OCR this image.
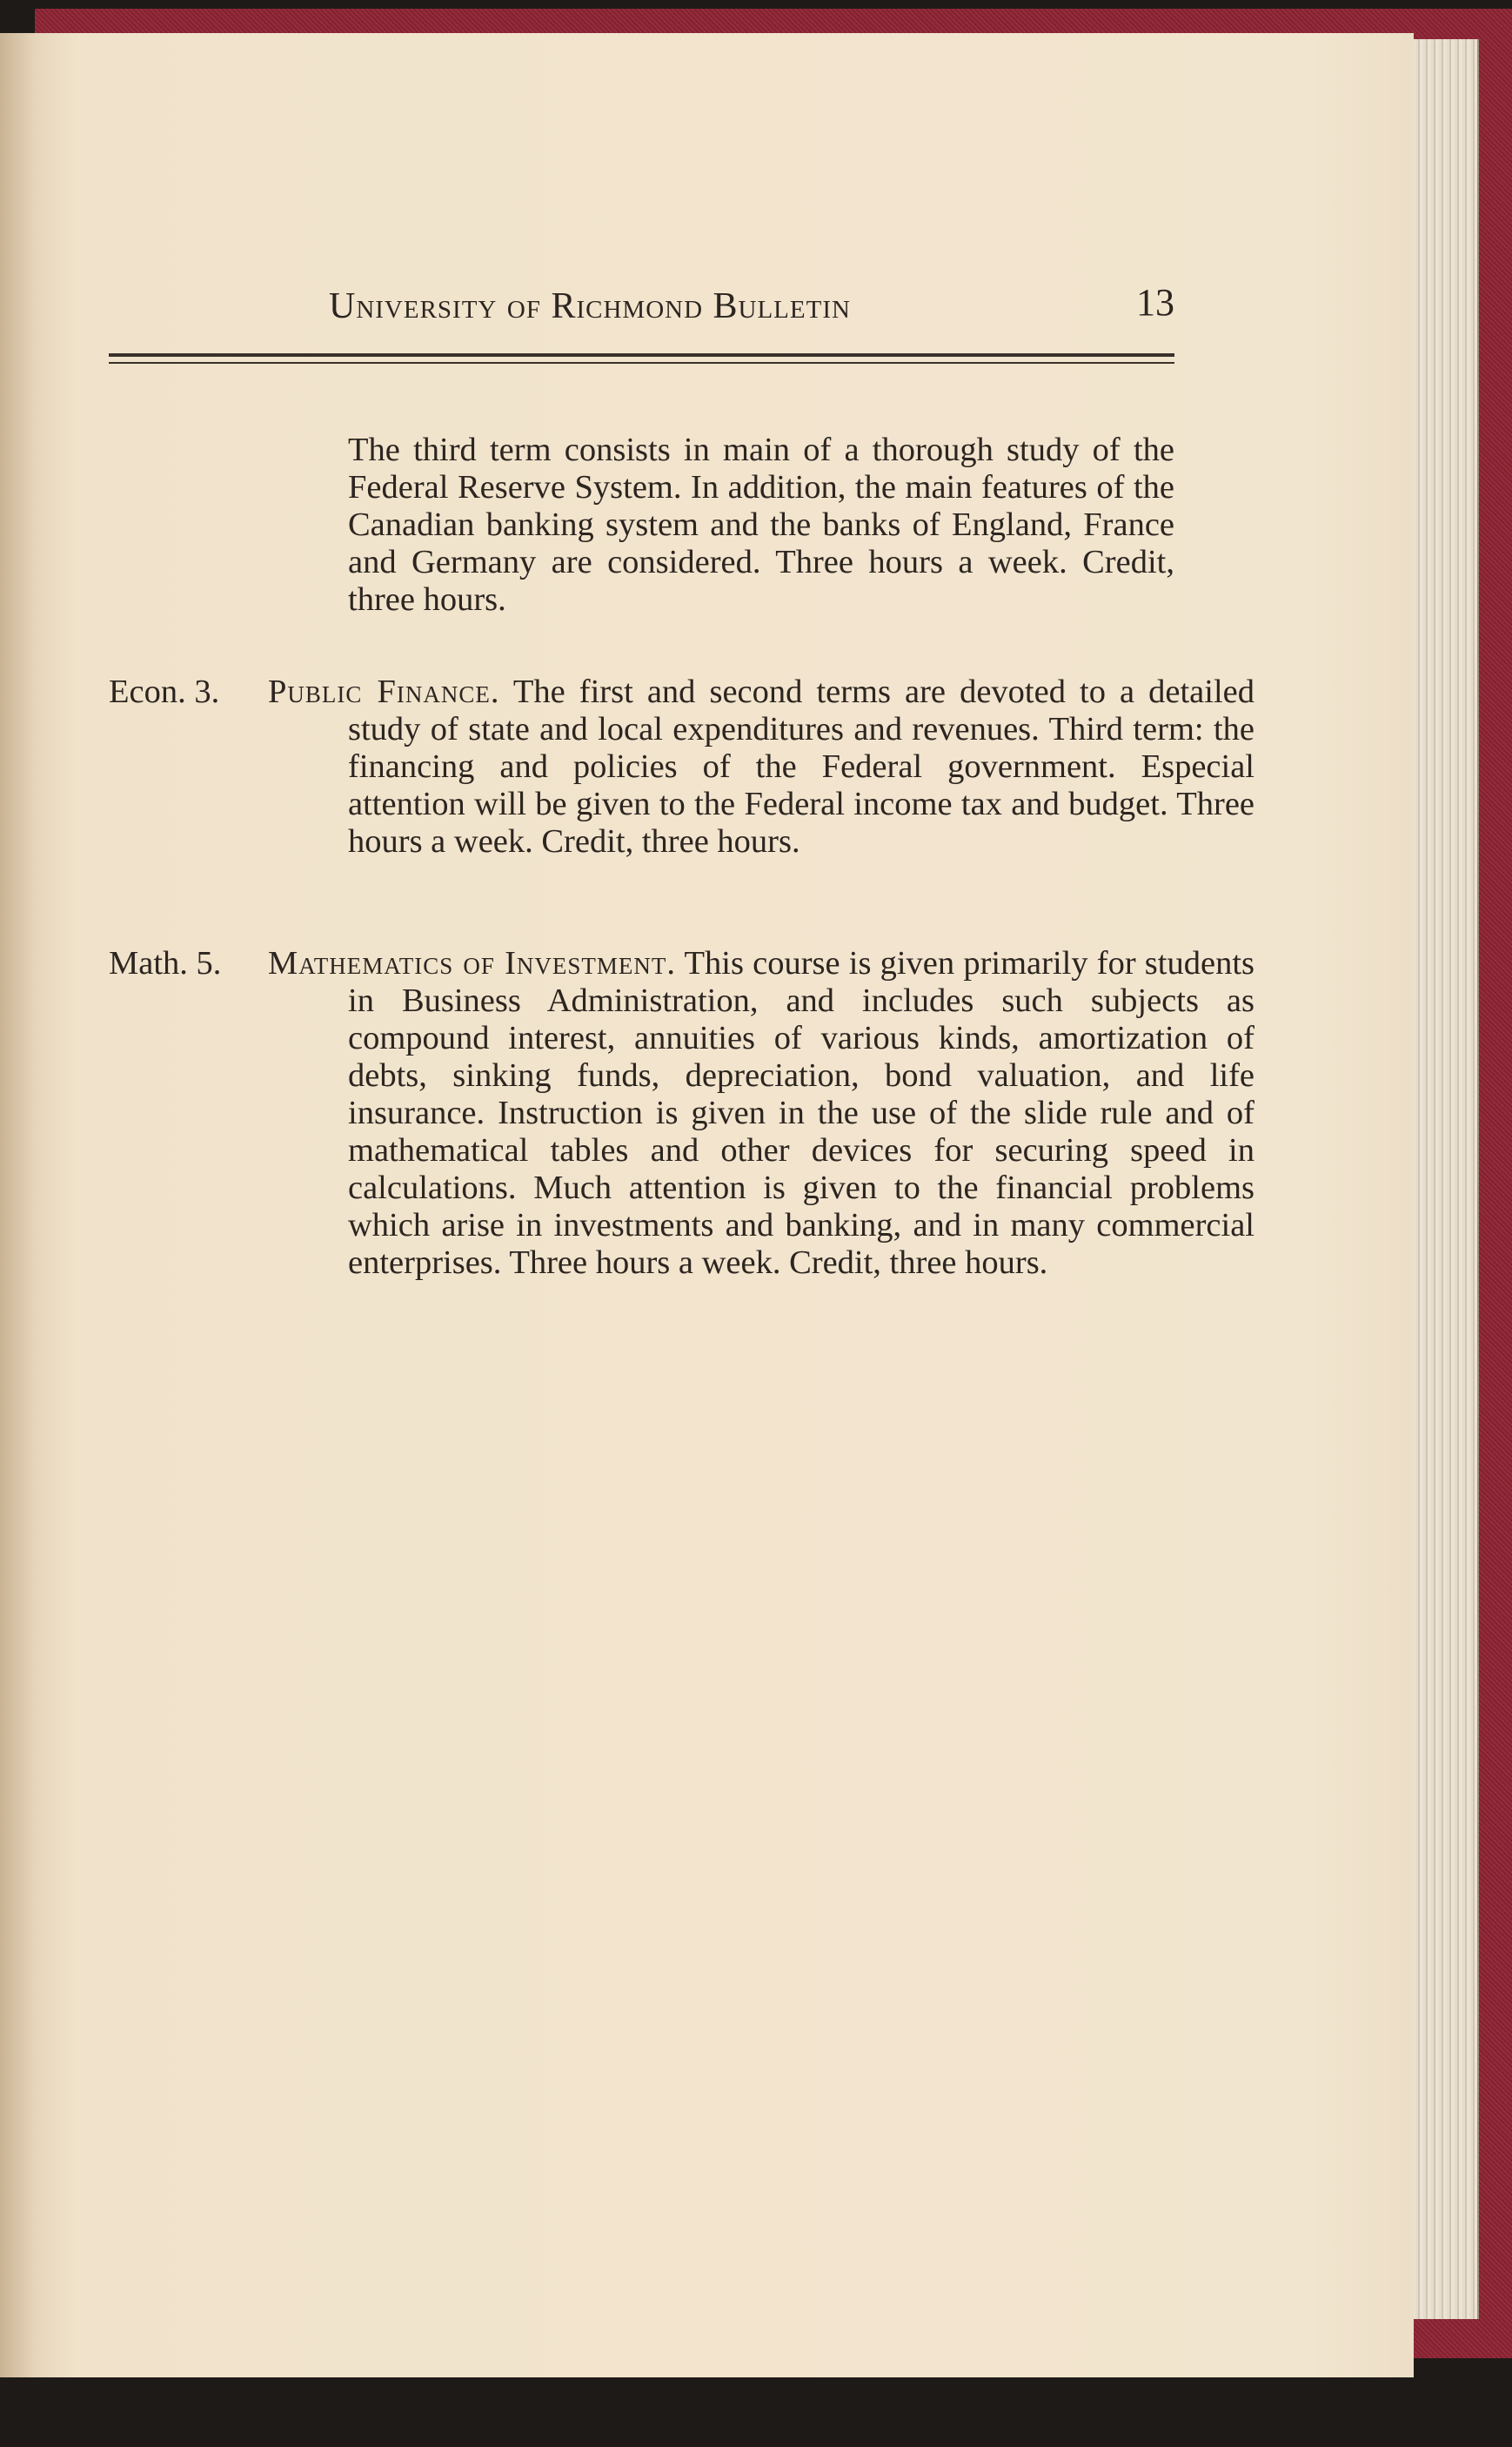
University of Richmond Bulletin	13
The third term consists in main of a thorough study of the Federal Reserve System. In addition, the main features of the Canadian banking system and the banks of England, France and Germany are considered. Three hours a week. Credit, three hours.
Econ. 3. Public Finance. The first and second terms are devoted to a detailed study of state and local expenditures and revenues. Third term: the financing and policies of the Federal government. Especial attention will be given to the Federal income tax and budget. Three hours a week. Credit, three hours.
Math. 5. Mathematics of Investment. This course is given primarily for students in Business Administration, and includes such subjects as compound interest, annuities of various kinds, amortization of debts, sinking funds, depreciation, bond valuation, and life insurance. Instruction is given in the use of the slide rule and of mathematical tables and other devices for securing speed in calculations. Much attention is given to the financial problems which arise in investments and banking, and in many commercial enterprises. Three hours a week. Credit, three hours.
